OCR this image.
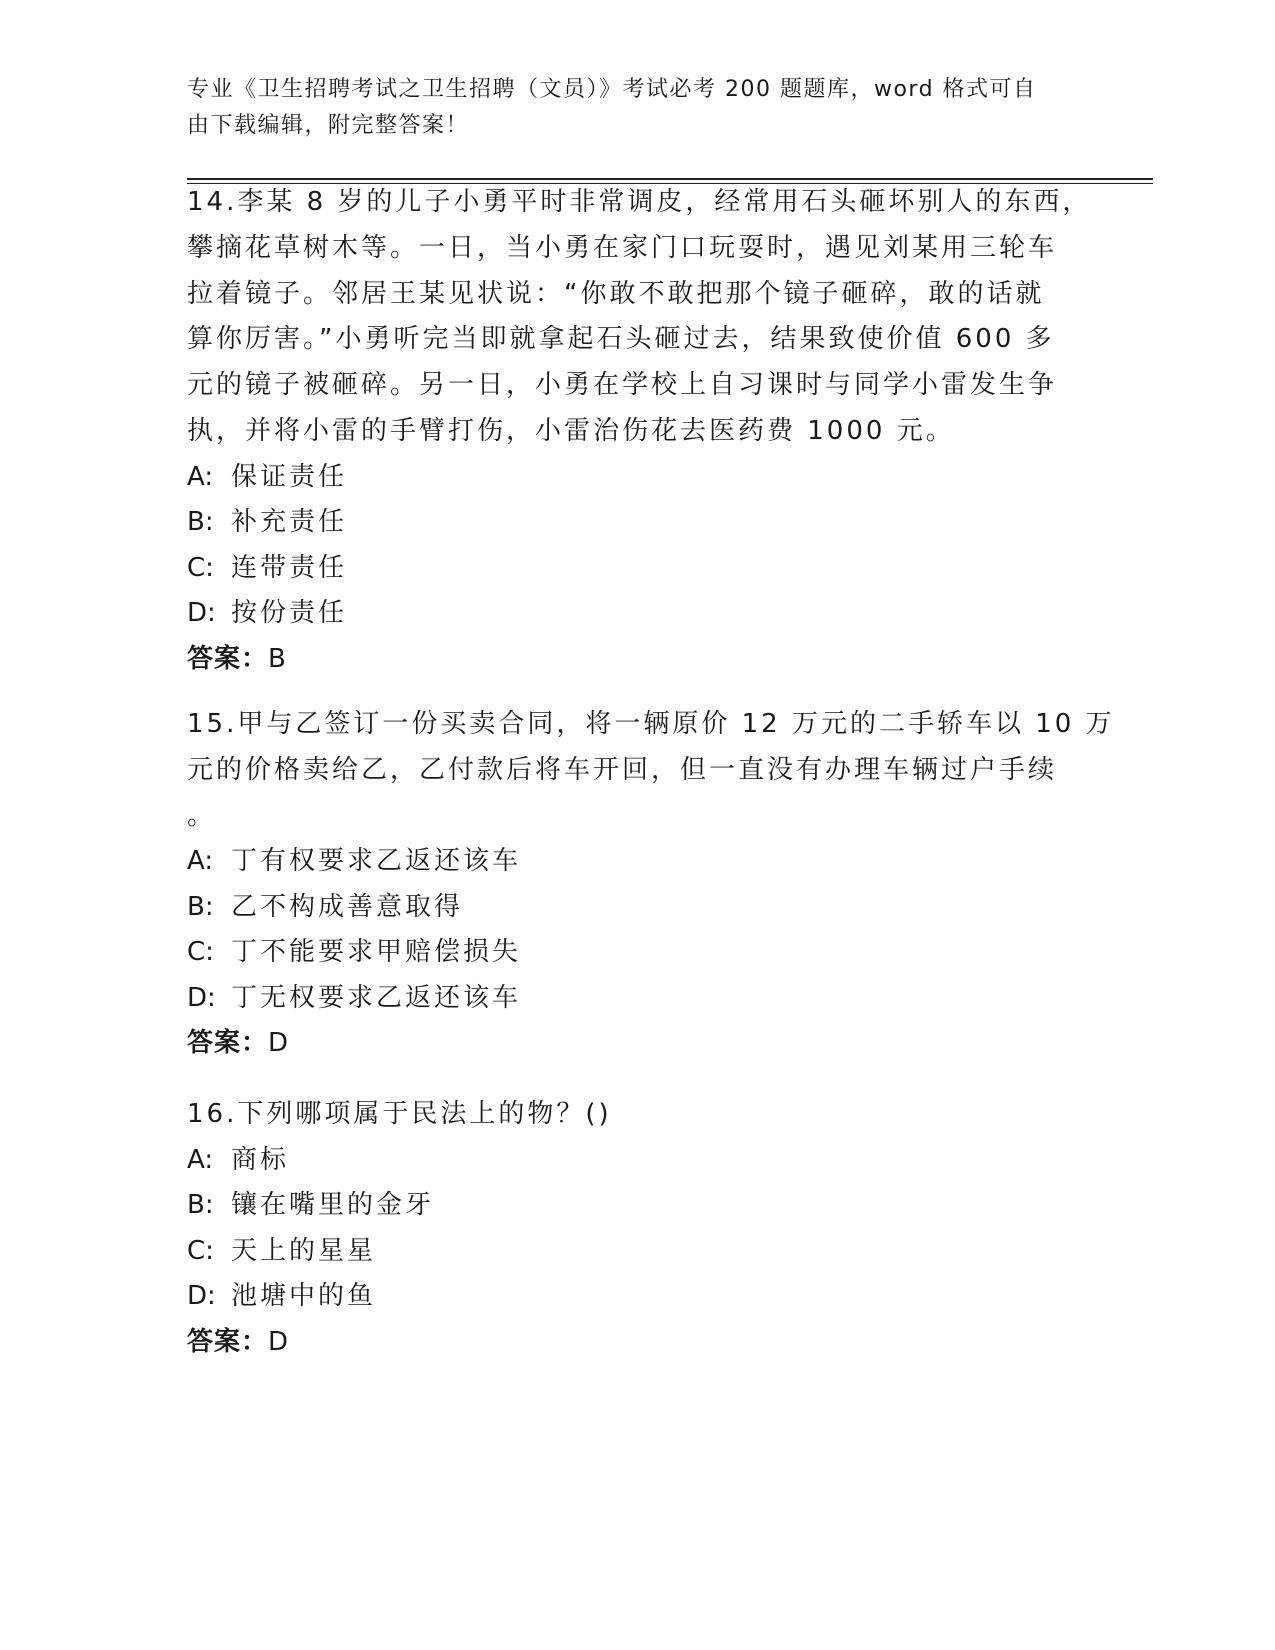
专业《卫生招聘考试之卫生招聘（文员）》考试必考 200 题题库，word 格式可自
由下载编辑，附完整答案！
14.李某 8 岁的儿子小勇平时非常调皮，经常用石头砸坏别人的东西，
攀摘花草树木等。一日，当小勇在家门口玩耍时，遇见刘某用三轮车
拉着镜子。邻居王某见状说：“你敢不敢把那个镜子砸碎，敢的话就
算你厉害。”小勇听完当即就拿起石头砸过去，结果致使价值 600 多
元的镜子被砸碎。另一日，小勇在学校上自习课时与同学小雷发生争
执，并将小雷的手臂打伤，小雷治伤花去医药费 1000 元。
A: 保证责任
B: 补充责任
C: 连带责任
D: 按份责任
答案：B
15.甲与乙签订一份买卖合同，将一辆原价 12 万元的二手轿车以 10 万
元的价格卖给乙，乙付款后将车开回，但一直没有办理车辆过户手续
。
A: 丁有权要求乙返还该车
B: 乙不构成善意取得
C: 丁不能要求甲赔偿损失
D: 丁无权要求乙返还该车
答案：D
16.下列哪项属于民法上的物？()
A: 商标
B: 镶在嘴里的金牙
C: 天上的星星
D: 池塘中的鱼
答案：D
